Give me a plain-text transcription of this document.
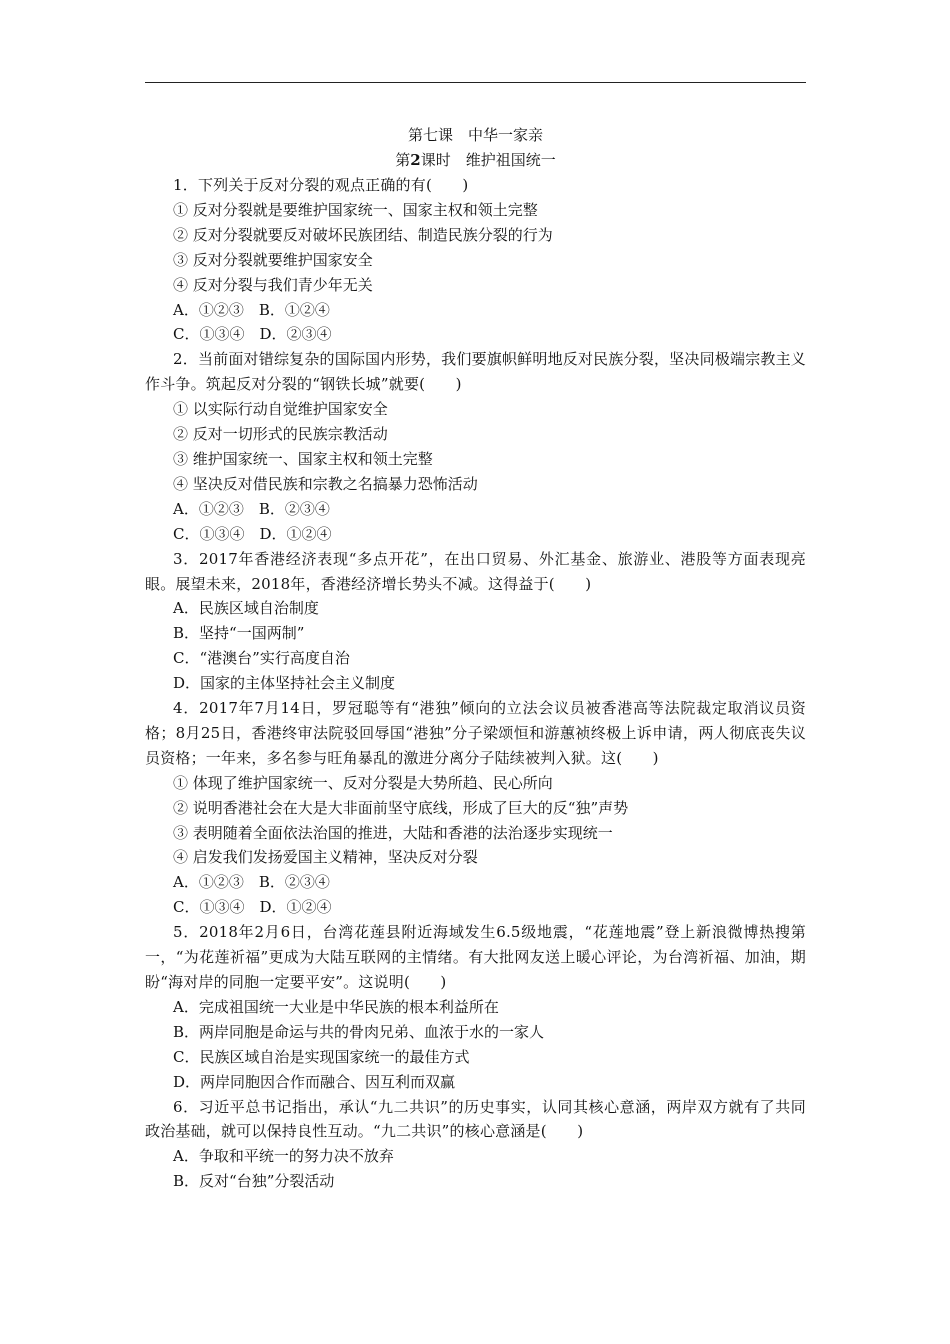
第七课　中华一家亲
第2课时　维护祖国统一
1．下列关于反对分裂的观点正确的有(　　)
① 反对分裂就是要维护国家统一、国家主权和领土完整
② 反对分裂就要反对破坏民族团结、制造民族分裂的行为
③ 反对分裂就要维护国家安全
④ 反对分裂与我们青少年无关
A．①②③　B．①②④
C．①③④　D．②③④
2．当前面对错综复杂的国际国内形势，我们要旗帜鲜明地反对民族分裂，坚决同极端宗教主义作斗争。筑起反对分裂的“钢铁长城”就要(　　)
① 以实际行动自觉维护国家安全
② 反对一切形式的民族宗教活动
③ 维护国家统一、国家主权和领土完整
④ 坚决反对借民族和宗教之名搞暴力恐怖活动
A．①②③　B．②③④
C．①③④　D．①②④
3．2017年香港经济表现“多点开花”，在出口贸易、外汇基金、旅游业、港股等方面表现亮眼。展望未来，2018年，香港经济增长势头不减。这得益于(　　)
A．民族区域自治制度
B．坚持“一国两制”
C．“港澳台”实行高度自治
D．国家的主体坚持社会主义制度
4．2017年7月14日，罗冠聪等有“港独”倾向的立法会议员被香港高等法院裁定取消议员资格；8月25日，香港终审法院驳回辱国“港独”分子梁颂恒和游蕙祯终极上诉申请，两人彻底丧失议员资格；一年来，多名参与旺角暴乱的激进分离分子陆续被判入狱。这(　　)
① 体现了维护国家统一、反对分裂是大势所趋、民心所向
② 说明香港社会在大是大非面前坚守底线，形成了巨大的反“独”声势
③ 表明随着全面依法治国的推进，大陆和香港的法治逐步实现统一
④ 启发我们发扬爱国主义精神，坚决反对分裂
A．①②③　B．②③④
C．①③④　D．①②④
5．2018年2月6日，台湾花莲县附近海域发生6.5级地震，“花莲地震”登上新浪微博热搜第一，“为花莲祈福”更成为大陆互联网的主情绪。有大批网友送上暖心评论，为台湾祈福、加油，期盼“海对岸的同胞一定要平安”。这说明(　　)
A．完成祖国统一大业是中华民族的根本利益所在
B．两岸同胞是命运与共的骨肉兄弟、血浓于水的一家人
C．民族区域自治是实现国家统一的最佳方式
D．两岸同胞因合作而融合、因互利而双赢
6．习近平总书记指出，承认“九二共识”的历史事实，认同其核心意涵，两岸双方就有了共同政治基础，就可以保持良性互动。“九二共识”的核心意涵是(　　)
A．争取和平统一的努力决不放弃
B．反对“台独”分裂活动
